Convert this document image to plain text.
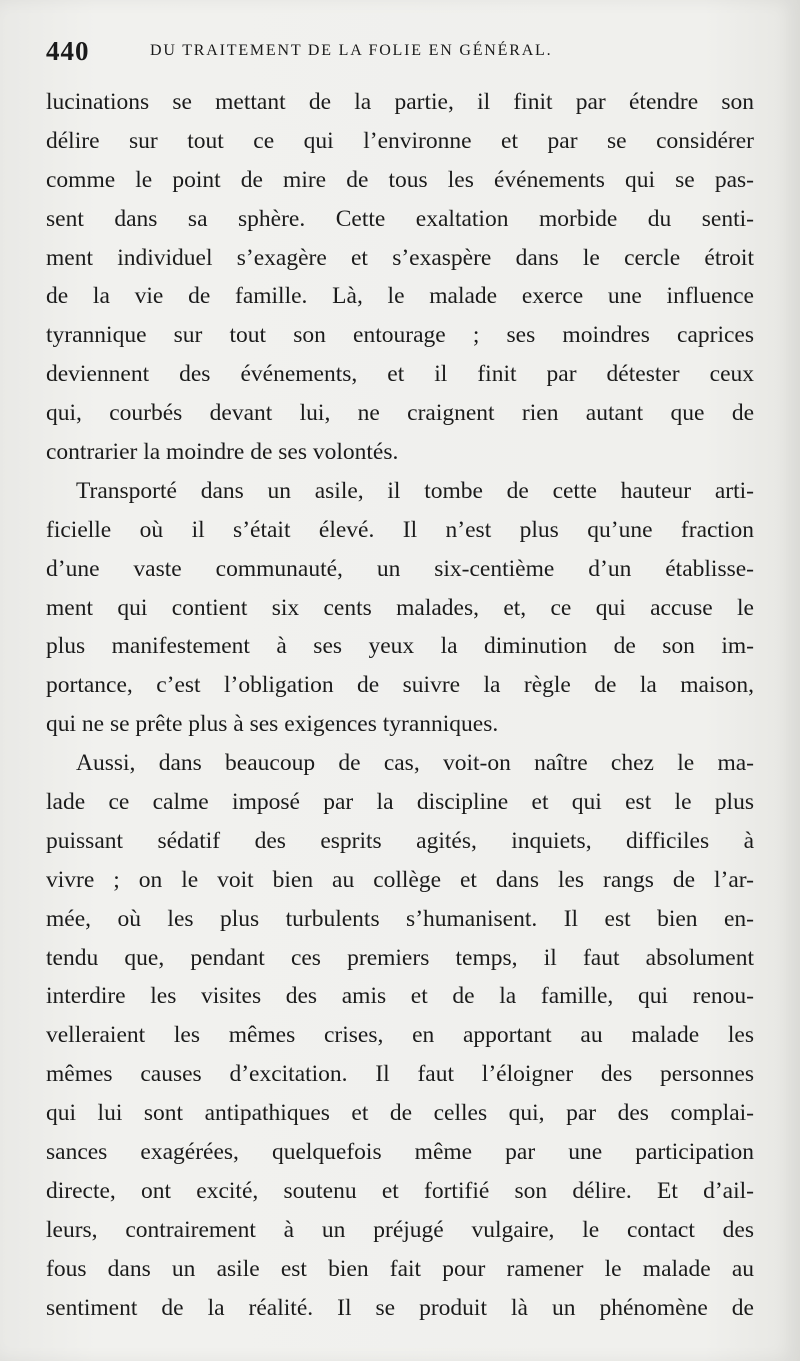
440	DU TRAITEMENT DE LA FOLIE EN GÉNÉRAL.
lucinations se mettant de la partie, il finit par étendre son
délire sur tout ce qui l’environne et par se considérer
comme le point de mire de tous les événements qui se pas-
sent dans sa sphère. Cette exaltation morbide du senti-
ment individuel s’exagère et s’exaspère dans le cercle étroit
de la vie de famille. Là, le malade exerce une influence
tyrannique sur tout son entourage ; ses moindres caprices
deviennent des événements, et il finit par détester ceux
qui, courbés devant lui, ne craignent rien autant que de
contrarier la moindre de ses volontés.
Transporté dans un asile, il tombe de cette hauteur arti-
ficielle où il s’était élevé. Il n’est plus qu’une fraction
d’une vaste communauté, un six-centième d’un établisse-
ment qui contient six cents malades, et, ce qui accuse le
plus manifestement à ses yeux la diminution de son im-
portance, c’est l’obligation de suivre la règle de la maison,
qui ne se prête plus à ses exigences tyranniques.
Aussi, dans beaucoup de cas, voit-on naître chez le ma-
lade ce calme imposé par la discipline et qui est le plus
puissant sédatif des esprits agités, inquiets, difficiles à
vivre ; on le voit bien au collège et dans les rangs de l’ar-
mée, où les plus turbulents s’humanisent. Il est bien en-
tendu que, pendant ces premiers temps, il faut absolument
interdire les visites des amis et de la famille, qui renou-
velleraient les mêmes crises, en apportant au malade les
mêmes causes d’excitation. Il faut l’éloigner des personnes
qui lui sont antipathiques et de celles qui, par des complai-
sances exagérées, quelquefois même par une participation
directe, ont excité, soutenu et fortifié son délire. Et d’ail-
leurs, contrairement à un préjugé vulgaire, le contact des
fous dans un asile est bien fait pour ramener le malade au
sentiment de la réalité. Il se produit là un phénomène de
